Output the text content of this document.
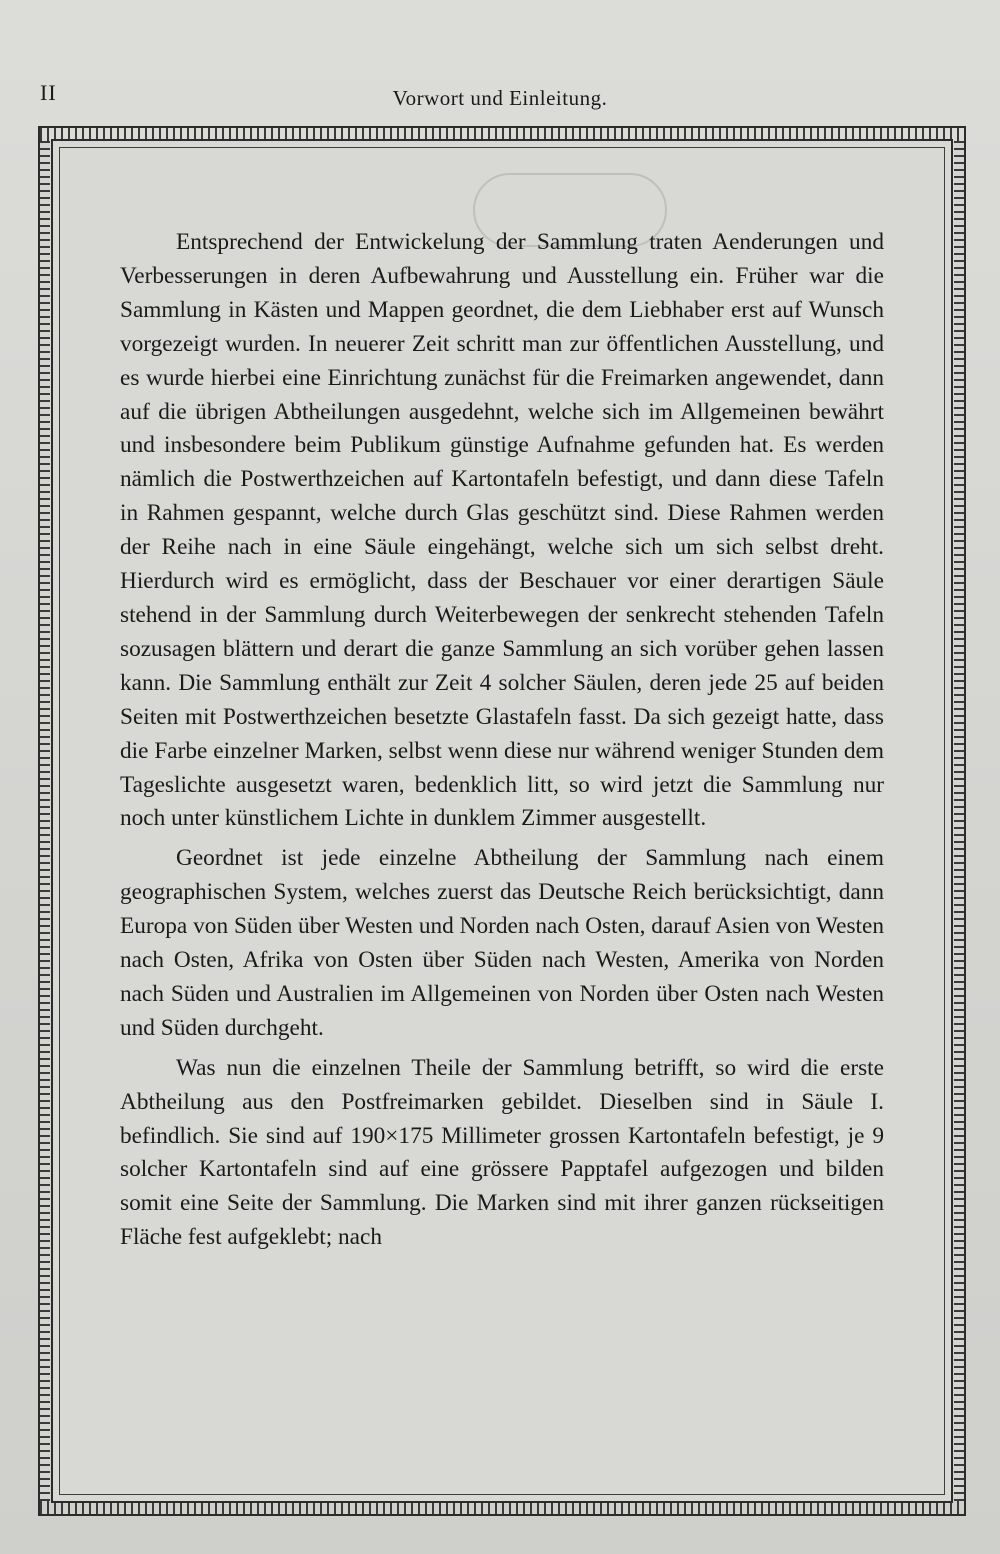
II	Vorwort und Einleitung.

Entsprechend der Entwickelung der Sammlung traten Aenderungen und Verbesserungen in deren Aufbewahrung und Ausstellung ein. Früher war die Sammlung in Kästen und Mappen geordnet, die dem Liebhaber erst auf Wunsch vorgezeigt wurden. In neuerer Zeit schritt man zur öffentlichen Ausstellung, und es wurde hierbei eine Einrichtung zunächst für die Freimarken angewendet, dann auf die übrigen Abtheilungen ausgedehnt, welche sich im Allgemeinen bewährt und insbesondere beim Publikum günstige Aufnahme gefunden hat. Es werden nämlich die Postwerthzeichen auf Kartontafeln befestigt, und dann diese Tafeln in Rahmen gespannt, welche durch Glas geschützt sind. Diese Rahmen werden der Reihe nach in eine Säule eingehängt, welche sich um sich selbst dreht. Hierdurch wird es ermöglicht, dass der Beschauer vor einer derartigen Säule stehend in der Sammlung durch Weiterbewegen der senkrecht stehenden Tafeln sozusagen blättern und derart die ganze Sammlung an sich vorüber gehen lassen kann. Die Sammlung enthält zur Zeit 4 solcher Säulen, deren jede 25 auf beiden Seiten mit Postwerthzeichen besetzte Glastafeln fasst. Da sich gezeigt hatte, dass die Farbe einzelner Marken, selbst wenn diese nur während weniger Stunden dem Tageslichte ausgesetzt waren, bedenklich litt, so wird jetzt die Sammlung nur noch unter künstlichem Lichte in dunklem Zimmer ausgestellt.

Geordnet ist jede einzelne Abtheilung der Sammlung nach einem geographischen System, welches zuerst das Deutsche Reich berücksichtigt, dann Europa von Süden über Westen und Norden nach Osten, darauf Asien von Westen nach Osten, Afrika von Osten über Süden nach Westen, Amerika von Norden nach Süden und Australien im Allgemeinen von Norden über Osten nach Westen und Süden durchgeht.

Was nun die einzelnen Theile der Sammlung betrifft, so wird die erste Abtheilung aus den Postfreimarken gebildet. Dieselben sind in Säule I. befindlich. Sie sind auf 190×175 Millimeter grossen Kartontafeln befestigt, je 9 solcher Kartontafeln sind auf eine grössere Papptafel aufgezogen und bilden somit eine Seite der Sammlung. Die Marken sind mit ihrer ganzen rückseitigen Fläche fest aufgeklebt; nach
